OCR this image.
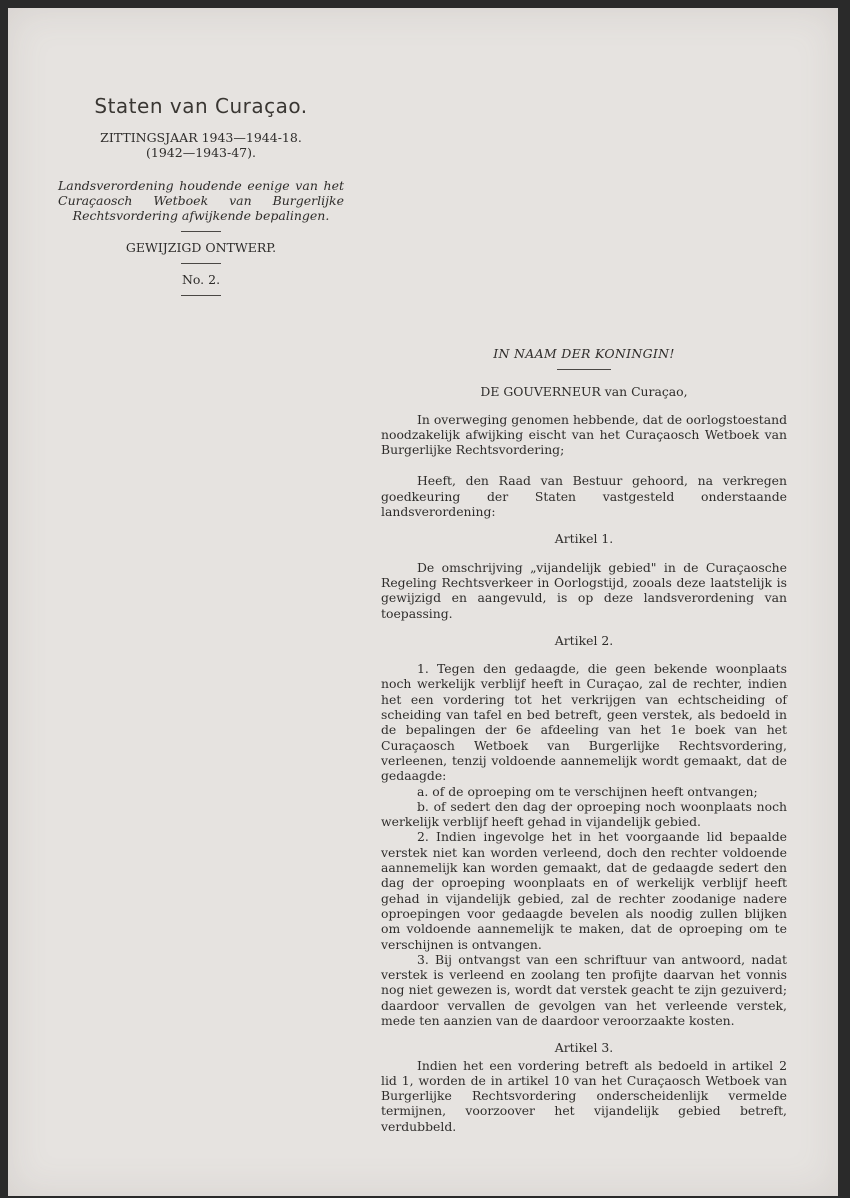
Staten van Curaçao.
ZITTINGSJAAR 1943—1944-18.
(1942—1943-47).
Landsverordening houdende eenige van het Curaçaosch Wetboek van Burgerlijke Rechtsvordering afwijkende bepalingen.
GEWIJZIGD ONTWERP.
No. 2.
IN NAAM DER KONINGIN!
DE GOUVERNEUR van Curaçao,

In overweging genomen hebbende, dat de oorlogstoestand noodzakelijk afwijking eischt van het Curaçaosch Wetboek van Burgerlijke Rechtsvordering;

Heeft, den Raad van Bestuur gehoord, na verkregen goedkeuring der Staten vastgesteld onderstaande landsverordening:

Artikel 1.

De omschrijving „vijandelijk gebied" in de Curaçaosche Regeling Rechtsverkeer in Oorlogstijd, zooals deze laatstelijk is gewijzigd en aangevuld, is op deze landsverordening van toepassing.

Artikel 2.

1. Tegen den gedaagde, die geen bekende woonplaats noch werkelijk verblijf heeft in Curaçao, zal de rechter, indien het een vordering tot het verkrijgen van echtscheiding of scheiding van tafel en bed betreft, geen verstek, als bedoeld in de bepalingen der 6e afdeeling van het 1e boek van het Curaçaosch Wetboek van Burgerlijke Rechtsvordering, verleenen, tenzij voldoende aannemelijk wordt gemaakt, dat de gedaagde:

a. of de oproeping om te verschijnen heeft ontvangen;

b. of sedert den dag der oproeping noch woonplaats noch werkelijk verblijf heeft gehad in vijandelijk gebied.

2. Indien ingevolge het in het voorgaande lid bepaalde verstek niet kan worden verleend, doch den rechter voldoende aannemelijk kan worden gemaakt, dat de gedaagde sedert den dag der oproeping woonplaats en of werkelijk verblijf heeft gehad in vijandelijk gebied, zal de rechter zoodanige nadere oproepingen voor gedaagde bevelen als noodig zullen blijken om voldoende aannemelijk te maken, dat de oproeping om te verschijnen is ontvangen.

3. Bij ontvangst van een schriftuur van antwoord, nadat verstek is verleend en zoolang ten profijte daarvan het vonnis nog niet gewezen is, wordt dat verstek geacht te zijn gezuiverd; daardoor vervallen de gevolgen van het verleende verstek, mede ten aanzien van de daardoor veroorzaakte kosten.

Artikel 3.

Indien het een vordering betreft als bedoeld in artikel 2 lid 1, worden de in artikel 10 van het Curaçaosch Wetboek van Burgerlijke Rechtsvordering onderscheidenlijk vermelde termijnen, voorzoover het vijandelijk gebied betreft, verdubbeld.
